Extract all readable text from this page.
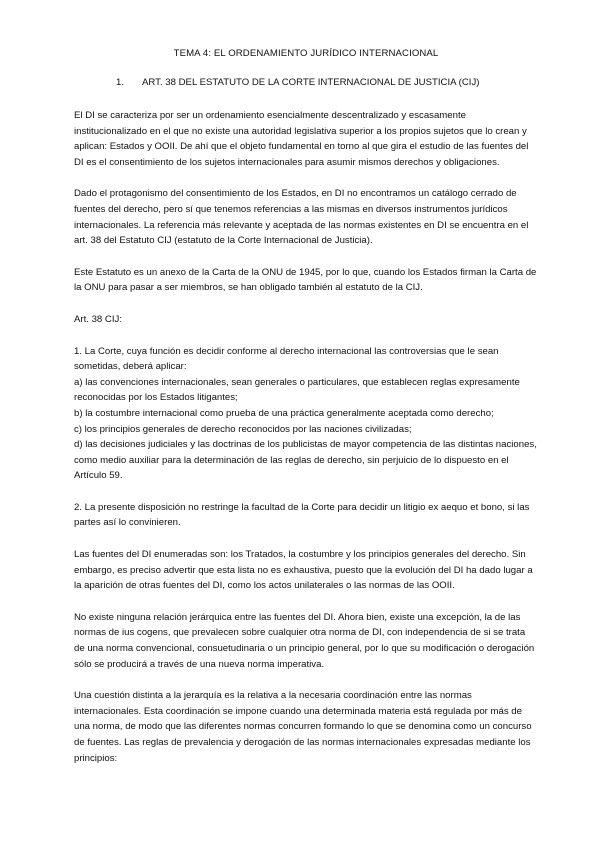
TEMA 4: EL ORDENAMIENTO JURÍDICO INTERNACIONAL
1. ART. 38 DEL ESTATUTO DE LA CORTE INTERNACIONAL DE JUSTICIA (CIJ)

El DI se caracteriza por ser un ordenamiento esencialmente descentralizado y escasamente institucionalizado en el que no existe una autoridad legislativa superior a los propios sujetos que lo crean y aplican: Estados y OOII. De ahí que el objeto fundamental en torno al que gira el estudio de las fuentes del DI es el consentimiento de los sujetos internacionales para asumir mismos derechos y obligaciones.

Dado el protagonismo del consentimiento de los Estados, en DI no encontramos un catálogo cerrado de fuentes del derecho, pero sí que tenemos referencias a las mismas en diversos instrumentos jurídicos internacionales. La referencia más relevante y aceptada de las normas existentes en DI se encuentra en el art. 38 del Estatuto CIJ (estatuto de la Corte Internacional de Justicia).

Este Estatuto es un anexo de la Carta de la ONU de 1945, por lo que, cuando los Estados firman la Carta de la ONU para pasar a ser miembros, se han obligado también al estatuto de la CIJ.

Art. 38 CIJ:

1. La Corte, cuya función es decidir conforme al derecho internacional las controversias que le sean sometidas, deberá aplicar:

a) las convenciones internacionales, sean generales o particulares, que establecen reglas expresamente reconocidas por los Estados litigantes;

b) la costumbre internacional como prueba de una práctica generalmente aceptada como derecho;

c) los principios generales de derecho reconocidos por las naciones civilizadas;

d) las decisiones judiciales y las doctrinas de los publicistas de mayor competencia de las distintas naciones, como medio auxiliar para la determinación de las reglas de derecho, sin perjuicio de lo dispuesto en el Artículo 59.

2. La presente disposición no restringe la facultad de la Corte para decidir un litigio ex aequo et bono, si las partes así lo convinieren.

Las fuentes del DI enumeradas son: los Tratados, la costumbre y los principios generales del derecho. Sin embargo, es preciso advertir que esta lista no es exhaustiva, puesto que la evolución del DI ha dado lugar a la aparición de otras fuentes del DI, como los actos unilaterales o las normas de las OOII.

No existe ninguna relación jerárquica entre las fuentes del DI. Ahora bien, existe una excepción, la de las normas de ius cogens, que prevalecen sobre cualquier otra norma de DI, con independencia de si se trata de una norma convencional, consuetudinaria o un principio general, por lo que su modificación o derogación sólo se producirá a través de una nueva norma imperativa.

Una cuestión distinta a la jerarquía es la relativa a la necesaria coordinación entre las normas internacionales. Esta coordinación se impone cuando una determinada materia está regulada por más de una norma, de modo que las diferentes normas concurren formando lo que se denomina como un concurso de fuentes. Las reglas de prevalencia y derogación de las normas internacionales expresadas mediante los principios:
